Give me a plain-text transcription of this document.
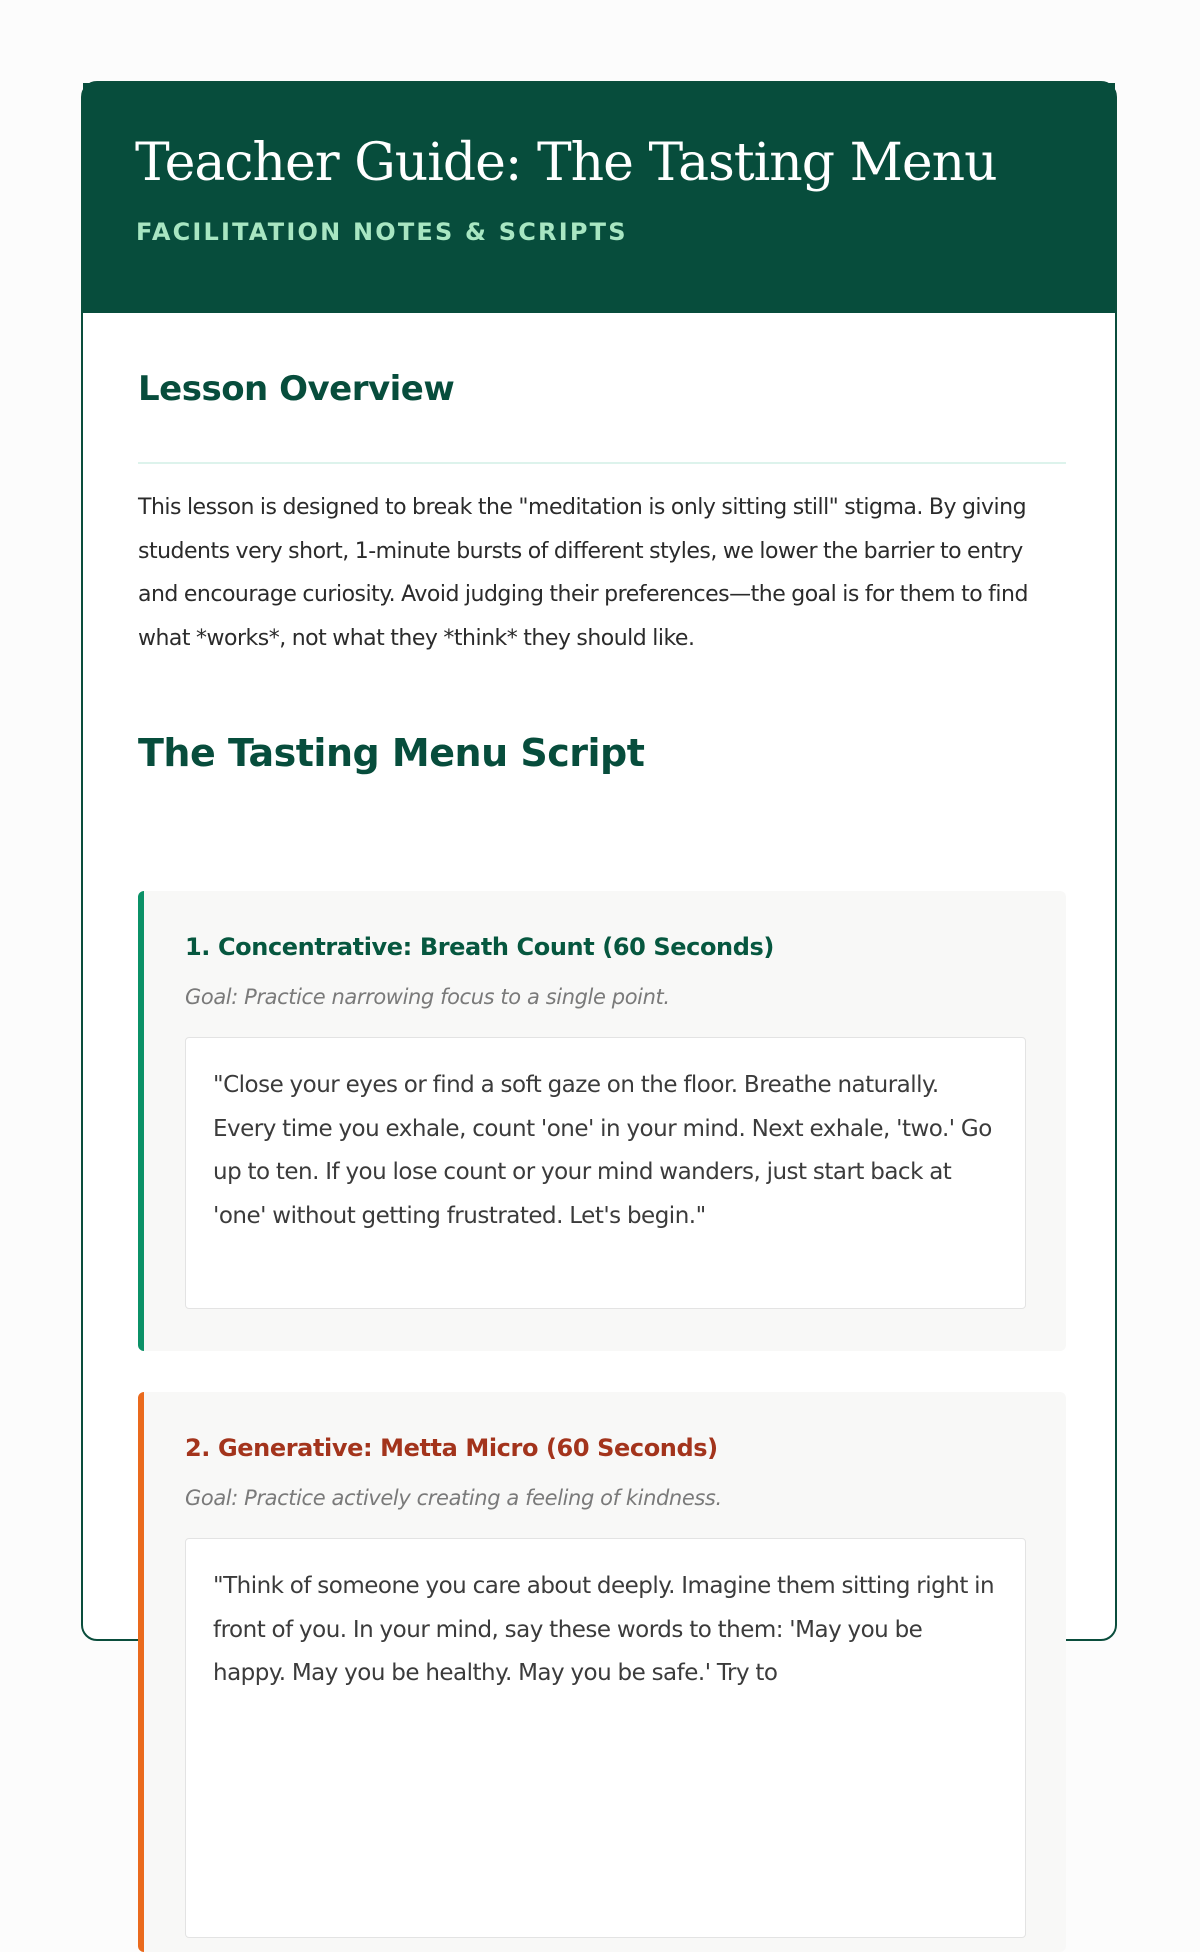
Teacher Guide: The Tasting Menu
FACILITATION NOTES & SCRIPTS
Lesson Overview

This lesson is designed to break the "meditation is only sitting still" stigma. By giving students very short, 1-minute bursts of different styles, we lower the barrier to entry and encourage curiosity. Avoid judging their preferences—the goal is for them to find what *works*, not what they *think* they should like.

The Tasting Menu Script
1. Concentrative: Breath Count (60 Seconds)

Goal: Practice narrowing focus to a single point.

"Close your eyes or find a soft gaze on the floor. Breathe naturally. Every time you exhale, count 'one' in your mind. Next exhale, 'two.' Go up to ten. If you lose count or your mind wanders, just start back at 'one' without getting frustrated. Let's begin."

2. Generative: Metta Micro (60 Seconds)

Goal: Practice actively creating a feeling of kindness.

"Think of someone you care about deeply. Imagine them sitting right in front of you. In your mind, say these words to them: 'May you be happy. May you be healthy. May you be safe.' Try to
